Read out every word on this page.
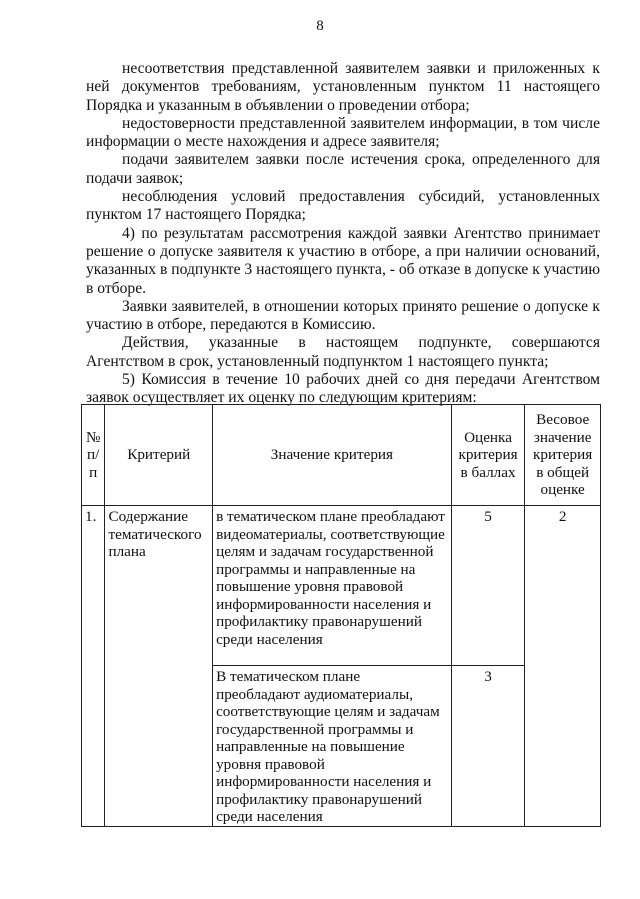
8

несоответствия представленной заявителем заявки и приложенных к ней документов требованиям, установленным пунктом 11 настоящего Порядка и указанным в объявлении о проведении отбора;

недостоверности представленной заявителем информации, в том числе информации о месте нахождения и адресе заявителя;

подачи заявителем заявки после истечения срока, определенного для подачи заявок;

несоблюдения условий предоставления субсидий, установленных пунктом 17 настоящего Порядка;

4) по результатам рассмотрения каждой заявки Агентство принимает решение о допуске заявителя к участию в отборе, а при наличии оснований, указанных в подпункте 3 настоящего пункта, - об отказе в допуске к участию в отборе.

Заявки заявителей, в отношении которых принято решение о допуске к участию в отборе, передаются в Комиссию.

Действия, указанные в настоящем подпункте, совершаются Агентством в срок, установленный подпунктом 1 настоящего пункта;

5) Комиссия в течение 10 рабочих дней со дня передачи Агентством заявок осуществляет их оценку по следующим критериям:

№ п/п	Критерий	Значение критерия	Оценка критерия в баллах	Весовое значение критерия в общей оценке
1.	Содержание тематического плана	в тематическом плане преобладают видеоматериалы, соответствующие целям и задачам государственной программы и направленные на повышение уровня правовой информированности населения и профилактику правонарушений среди населения	5	2
		В тематическом плане преобладают аудиоматериалы, соответствующие целям и задачам государственной программы и направленные на повышение уровня правовой информированности населения и профилактику правонарушений среди населения	3	
